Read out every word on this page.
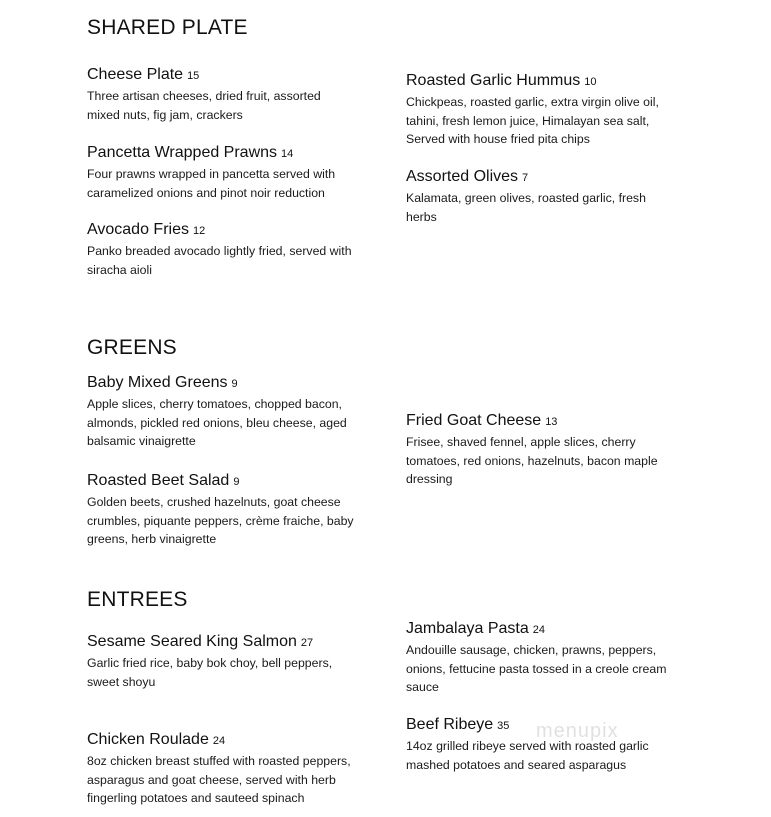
SHARED PLATE
Cheese Plate 15
Three artisan cheeses, dried fruit, assorted mixed nuts, fig jam, crackers
Pancetta Wrapped Prawns 14
Four prawns wrapped in pancetta served with caramelized onions and pinot noir reduction
Avocado Fries 12
Panko breaded avocado lightly fried, served with siracha aioli
Roasted Garlic Hummus 10
Chickpeas, roasted garlic, extra virgin olive oil, tahini, fresh lemon juice, Himalayan sea salt, Served with house fried pita chips
Assorted Olives 7
Kalamata, green olives, roasted garlic, fresh herbs
GREENS
Baby Mixed Greens 9
Apple slices, cherry tomatoes, chopped bacon, almonds, pickled red onions, bleu cheese, aged balsamic vinaigrette
Roasted Beet Salad 9
Golden beets, crushed hazelnuts, goat cheese crumbles, piquante peppers, crème fraiche, baby greens, herb vinaigrette
Fried Goat Cheese 13
Frisee, shaved fennel, apple slices, cherry tomatoes, red onions, hazelnuts, bacon maple dressing
ENTREES
Sesame Seared King Salmon 27
Garlic fried rice, baby bok choy, bell peppers, sweet shoyu
Chicken Roulade 24
8oz chicken breast stuffed with roasted peppers, asparagus and goat cheese, served with herb fingerling potatoes and sauteed spinach
Jambalaya Pasta 24
Andouille sausage, chicken, prawns, peppers, onions, fettucine pasta tossed in a creole cream sauce
Beef Ribeye 35
14oz grilled ribeye served with roasted garlic mashed potatoes and seared asparagus
menupix
